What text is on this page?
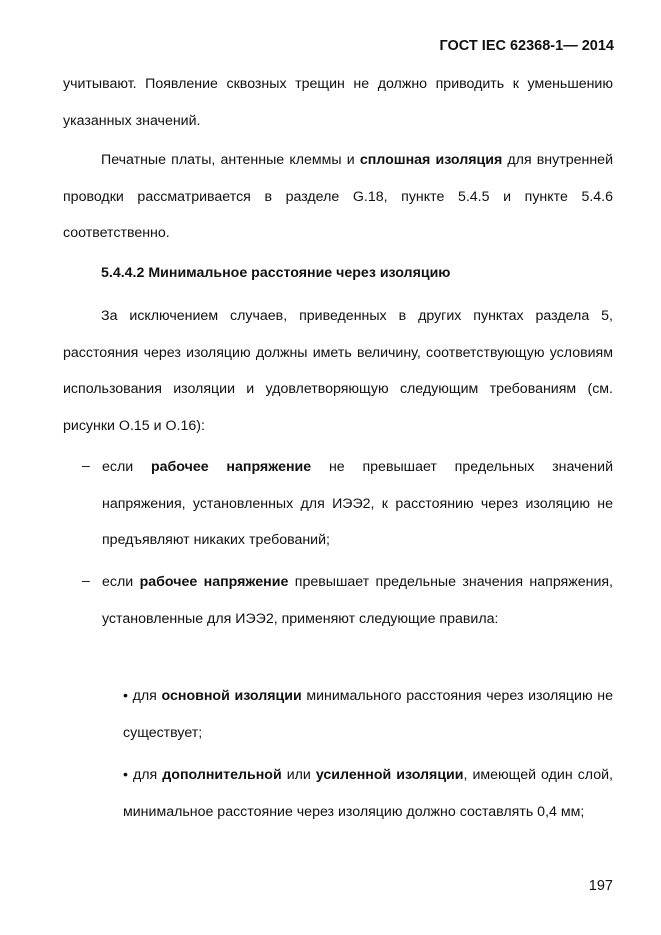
ГОСТ IEC 62368-1— 2014

учитывают. Появление сквозных трещин не должно приводить к уменьшению указанных значений.

Печатные платы, антенные клеммы и сплошная изоляция для внутренней проводки рассматривается в разделе G.18, пункте 5.4.5 и пункте 5.4.6 соответственно.

5.4.4.2 Минимальное расстояние через изоляцию

За исключением случаев, приведенных в других пунктах раздела 5, расстояния через изоляцию должны иметь величину, соответствующую условиям использования изоляции и удовлетворяющую следующим требованиям (см. рисунки O.15 и O.16):

– если рабочее напряжение не превышает предельных значений напряжения, установленных для ИЭЭ2, к расстоянию через изоляцию не предъявляют никаких требований;

– если рабочее напряжение превышает предельные значения напряжения, установленные для ИЭЭ2, применяют следующие правила:

• для основной изоляции минимального расстояния через изоляцию не существует;

• для дополнительной или усиленной изоляции, имеющей один слой, минимальное расстояние через изоляцию должно составлять 0,4 мм;

197
